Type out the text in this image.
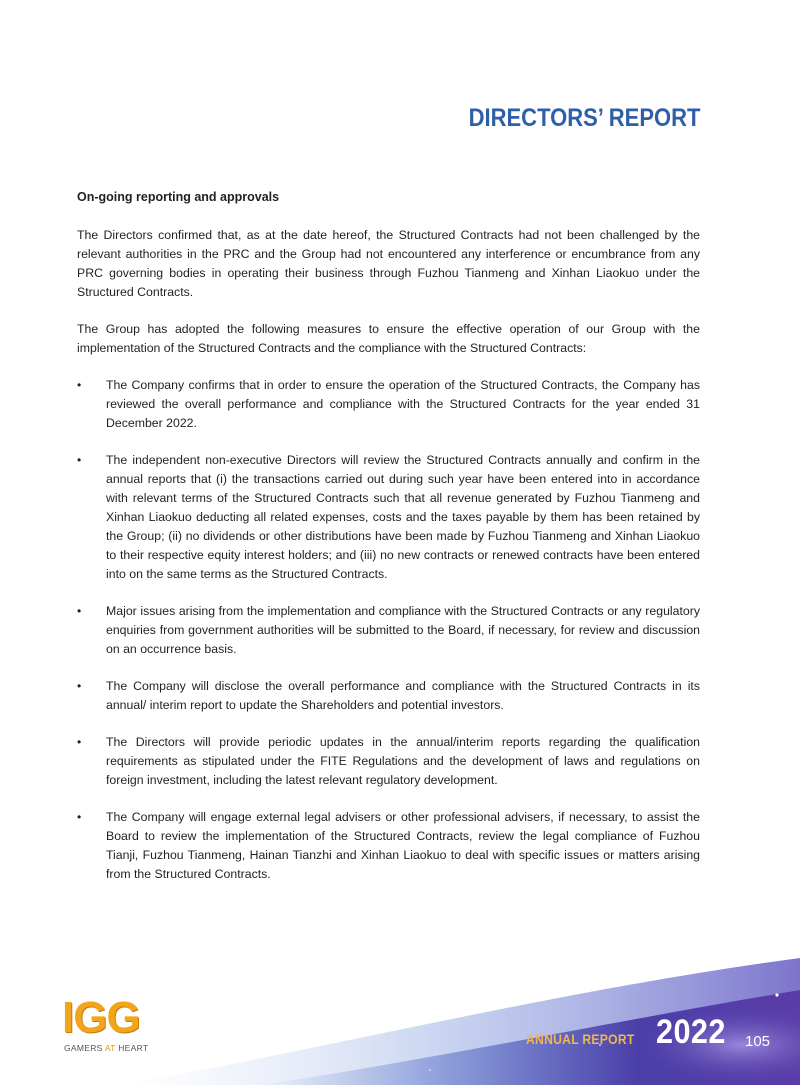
DIRECTORS’ REPORT
On-going reporting and approvals

The Directors confirmed that, as at the date hereof, the Structured Contracts had not been challenged by the relevant authorities in the PRC and the Group had not encountered any interference or encumbrance from any PRC governing bodies in operating their business through Fuzhou Tianmeng and Xinhan Liaokuo under the Structured Contracts.

The Group has adopted the following measures to ensure the effective operation of our Group with the implementation of the Structured Contracts and the compliance with the Structured Contracts:

• The Company confirms that in order to ensure the operation of the Structured Contracts, the Company has reviewed the overall performance and compliance with the Structured Contracts for the year ended 31 December 2022.
• The independent non-executive Directors will review the Structured Contracts annually and confirm in the annual reports that (i) the transactions carried out during such year have been entered into in accordance with relevant terms of the Structured Contracts such that all revenue generated by Fuzhou Tianmeng and Xinhan Liaokuo deducting all related expenses, costs and the taxes payable by them has been retained by the Group; (ii) no dividends or other distributions have been made by Fuzhou Tianmeng and Xinhan Liaokuo to their respective equity interest holders; and (iii) no new contracts or renewed contracts have been entered into on the same terms as the Structured Contracts.
• Major issues arising from the implementation and compliance with the Structured Contracts or any regulatory enquiries from government authorities will be submitted to the Board, if necessary, for review and discussion on an occurrence basis.
• The Company will disclose the overall performance and compliance with the Structured Contracts in its annual/ interim report to update the Shareholders and potential investors.
• The Directors will provide periodic updates in the annual/interim reports regarding the qualification requirements as stipulated under the FITE Regulations and the development of laws and regulations on foreign investment, including the latest relevant regulatory development.
• The Company will engage external legal advisers or other professional advisers, if necessary, to assist the Board to review the implementation of the Structured Contracts, review the legal compliance of Fuzhou Tianji, Fuzhou Tianmeng, Hainan Tianzhi and Xinhan Liaokuo to deal with specific issues or matters arising from the Structured Contracts.
IGG
GAMERS AT HEART
ANNUAL REPORT 2022 105
